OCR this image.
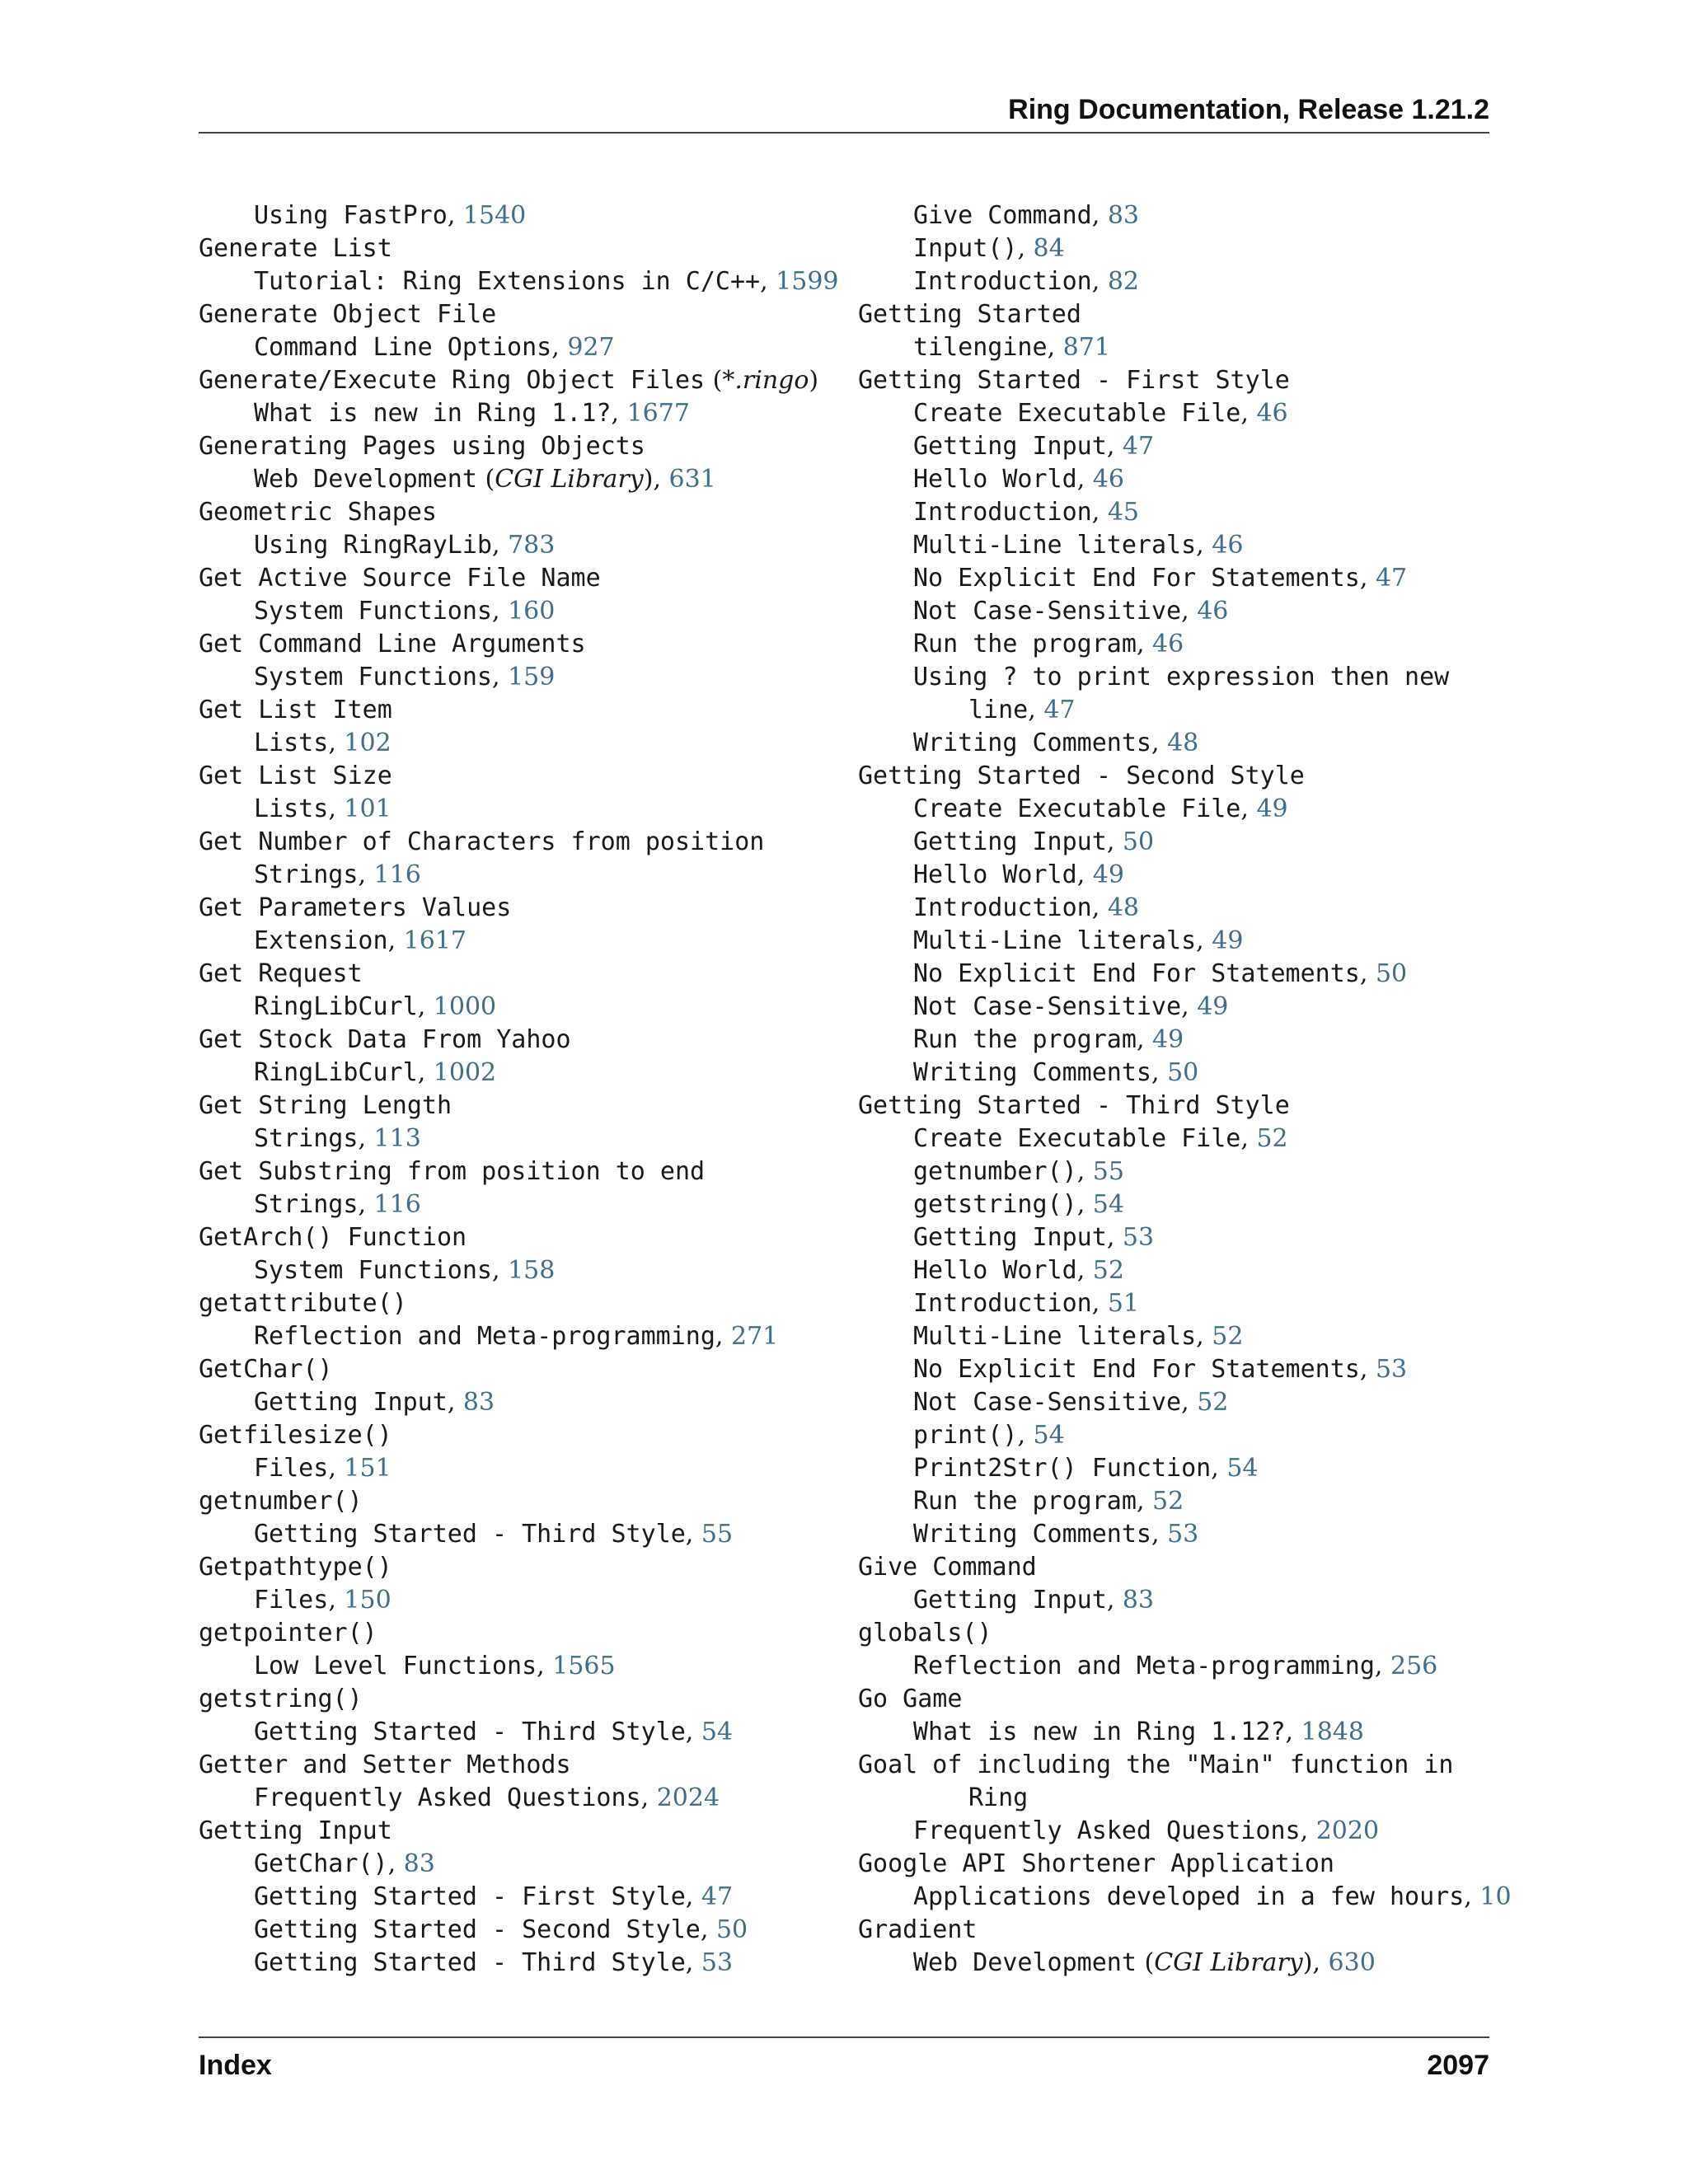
Ring Documentation, Release 1.21.2
Using FastPro, 1540
Generate List
Tutorial: Ring Extensions in C/C++, 1599
Generate Object File
Command Line Options, 927
Generate/Execute Ring Object Files (*.ringo)
What is new in Ring 1.1?, 1677
Generating Pages using Objects
Web Development (CGI Library), 631
Geometric Shapes
Using RingRayLib, 783
Get Active Source File Name
System Functions, 160
Get Command Line Arguments
System Functions, 159
Get List Item
Lists, 102
Get List Size
Lists, 101
Get Number of Characters from position
Strings, 116
Get Parameters Values
Extension, 1617
Get Request
RingLibCurl, 1000
Get Stock Data From Yahoo
RingLibCurl, 1002
Get String Length
Strings, 113
Get Substring from position to end
Strings, 116
GetArch() Function
System Functions, 158
getattribute()
Reflection and Meta-programming, 271
GetChar()
Getting Input, 83
Getfilesize()
Files, 151
getnumber()
Getting Started - Third Style, 55
Getpathtype()
Files, 150
getpointer()
Low Level Functions, 1565
getstring()
Getting Started - Third Style, 54
Getter and Setter Methods
Frequently Asked Questions, 2024
Getting Input
GetChar(), 83
Getting Started - First Style, 47
Getting Started - Second Style, 50
Getting Started - Third Style, 53
Give Command, 83
Input(), 84
Introduction, 82
Getting Started
tilengine, 871
Getting Started - First Style
Create Executable File, 46
Getting Input, 47
Hello World, 46
Introduction, 45
Multi-Line literals, 46
No Explicit End For Statements, 47
Not Case-Sensitive, 46
Run the program, 46
Using ? to print expression then new
line, 47
Writing Comments, 48
Getting Started - Second Style
Create Executable File, 49
Getting Input, 50
Hello World, 49
Introduction, 48
Multi-Line literals, 49
No Explicit End For Statements, 50
Not Case-Sensitive, 49
Run the program, 49
Writing Comments, 50
Getting Started - Third Style
Create Executable File, 52
getnumber(), 55
getstring(), 54
Getting Input, 53
Hello World, 52
Introduction, 51
Multi-Line literals, 52
No Explicit End For Statements, 53
Not Case-Sensitive, 52
print(), 54
Print2Str() Function, 54
Run the program, 52
Writing Comments, 53
Give Command
Getting Input, 83
globals()
Reflection and Meta-programming, 256
Go Game
What is new in Ring 1.12?, 1848
Goal of including the "Main" function in
Ring
Frequently Asked Questions, 2020
Google API Shortener Application
Applications developed in a few hours, 10
Gradient
Web Development (CGI Library), 630
Index	2097
